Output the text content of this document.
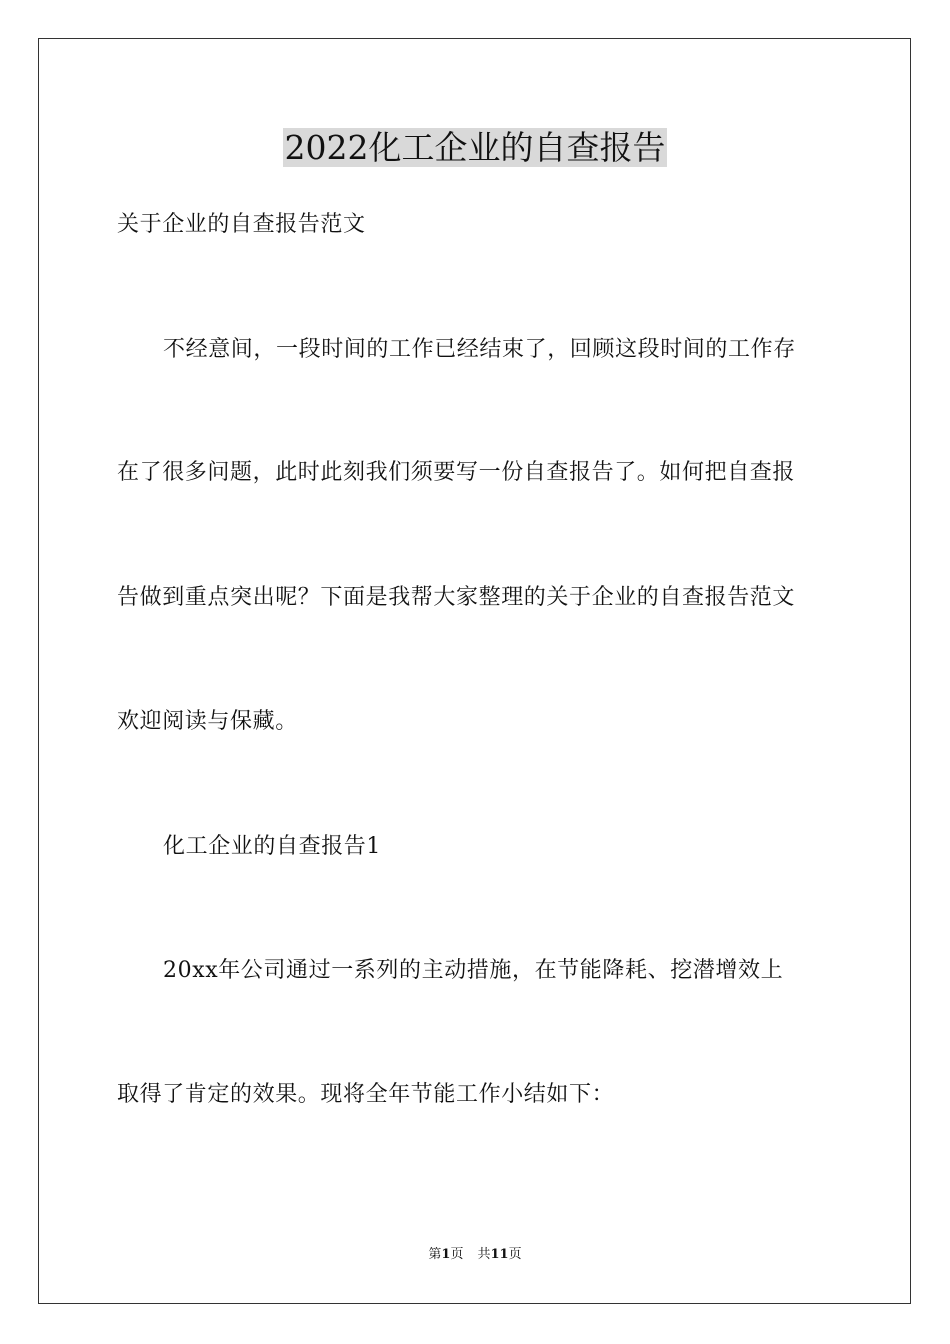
2022化工企业的自查报告
关于企业的自查报告范文
不经意间，一段时间的工作已经结束了，回顾这段时间的工作存
在了很多问题，此时此刻我们须要写一份自查报告了。如何把自查报
告做到重点突出呢？下面是我帮大家整理的关于企业的自查报告范文
欢迎阅读与保藏。
化工企业的自查报告1
20xx年公司通过一系列的主动措施，在节能降耗、挖潜增效上
取得了肯定的效果。现将全年节能工作小结如下：
第1页 共11页
